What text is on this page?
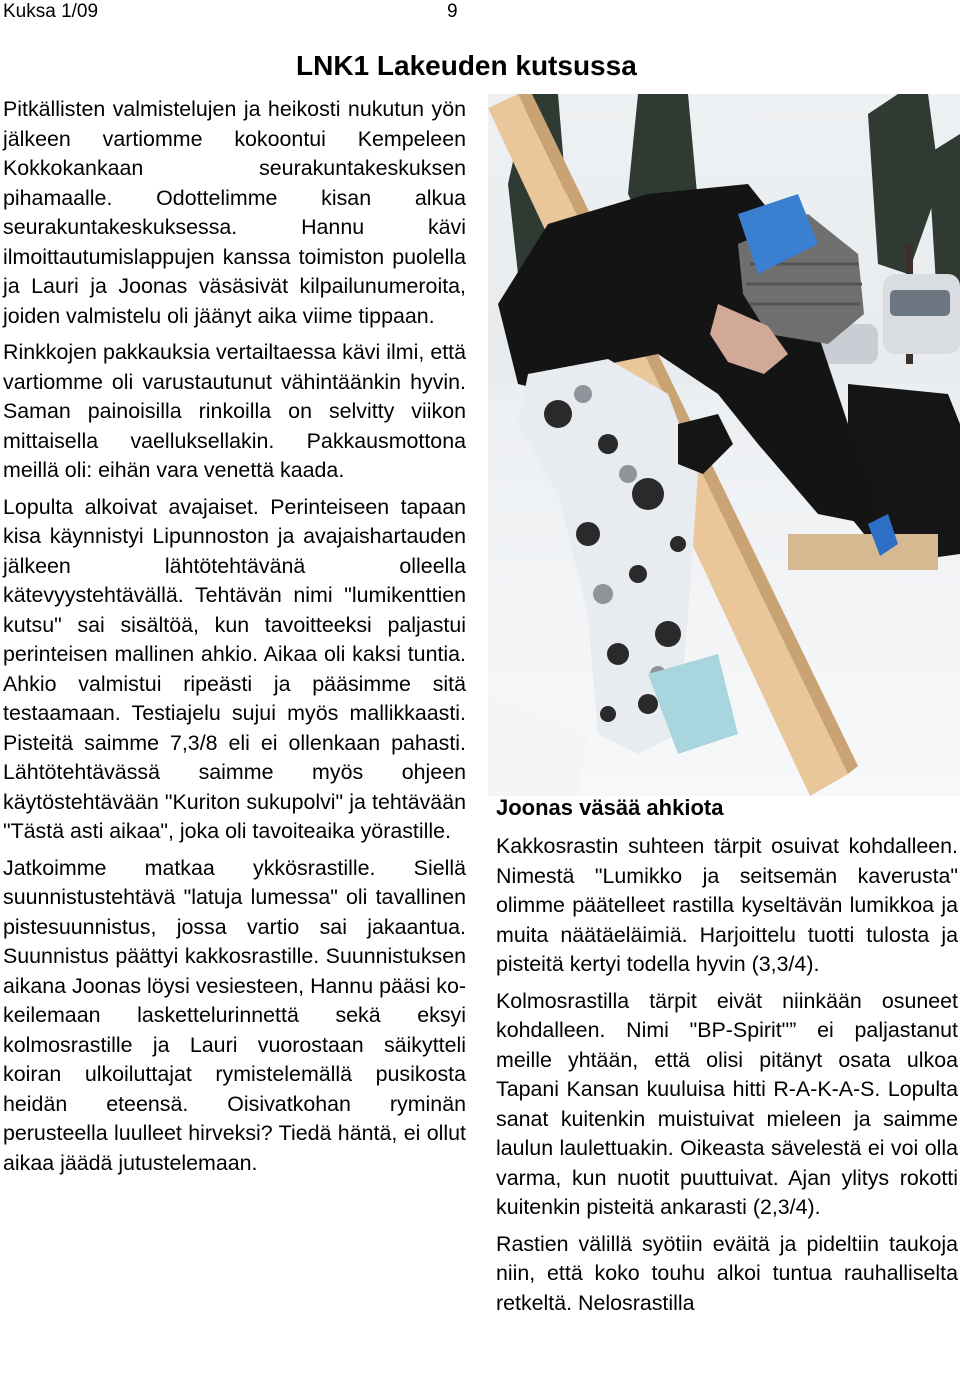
Kuksa 1/09	9
LNK1 Lakeuden kutsussa

Pitkällisten valmistelujen ja heikosti nukutun yön jälkeen vartiomme kokoontui Kempeleen Kokkokankaan seurakuntakeskuksen pihamaalle. Odottelimme kisan alkua seurakuntakeskuksessa. Hannu kävi ilmoittautumislappujen kanssa toimiston puolella ja Lauri ja Joonas väsäsivät kilpailunumeroita, joiden valmistelu oli jäänyt aika viime tippaan.

Rinkkojen pakkauksia vertailtaessa kävi ilmi, että vartiomme oli varustautunut vähintäänkin hyvin. Saman painoisilla rinkoilla on selvitty viikon mittaisella vaelluksellakin. Pakkausmottona meillä oli: eihän vara venettä kaada.

Lopulta alkoivat avajaiset. Perinteiseen tapaan kisa käynnistyi Lipunnoston ja avajaishartauden jälkeen lähtötehtävänä olleella kätevyystehtävällä. Tehtävän nimi "lumikenttien kutsu" sai sisältöä, kun tavoitteeksi paljastui perinteisen mallinen ahkio. Aikaa oli kaksi tuntia. Ahkio valmistui ripeästi ja pääsimme sitä testaamaan. Testiajelu sujui myös mallikkaasti. Pisteitä saimme 7,3/8 eli ei ollenkaan pahasti. Lähtötehtävässä saimme myös ohjeen käytöstehtävään "Kuriton sukupolvi" ja tehtävään "Tästä asti aikaa", joka oli tavoiteaika yörastille.

Jatkoimme matkaa ykkösrastille. Siellä suunnistustehtävä "latuja lumessa" oli tavallinen pistesuunnistus, jossa vartio sai jakaantua. Suunnistus päättyi kakkosrastille. Suunnistuksen aikana Joonas löysi vesiesteen, Hannu pääsi kokeilemaan laskettelurinnettä sekä eksyi kolmosrastille ja Lauri vuorostaan säikytteli koiran ulkoiluttajat rymistelemällä pusikosta heidän eteensä. Oisivatkohan ryminän perusteella luulleet hirveksi? Tiedä häntä, ei ollut aikaa jäädä jutustelemaan.

Joonas väsää ahkiota

Kakkosrastin suhteen tärpit osuivat kohdalleen. Nimestä "Lumikko ja seitsemän kaverusta" olimme päätelleet rastilla kyseltävän lumikkoa ja muita näätäeläimiä. Harjoittelu tuotti tulosta ja pisteitä kertyi todella hyvin (3,3/4).

Kolmosrastilla tärpit eivät niinkään osuneet kohdalleen. Nimi "BP-Spirit"” ei paljastanut meille yhtään, että olisi pitänyt osata ulkoa Tapani Kansan kuuluisa hitti R-A-K-A-S. Lopulta sanat kuitenkin muistuivat mieleen ja saimme laulun laulettuakin. Oikeasta sävelestä ei voi olla varma, kun nuotit puuttuivat. Ajan ylitys rokotti kuitenkin pisteitä ankarasti (2,3/4).

Rastien välillä syötiin eväitä ja pideltiin taukoja niin, että koko touhu alkoi tuntua rauhalliselta retkeltä. Nelosrastilla
